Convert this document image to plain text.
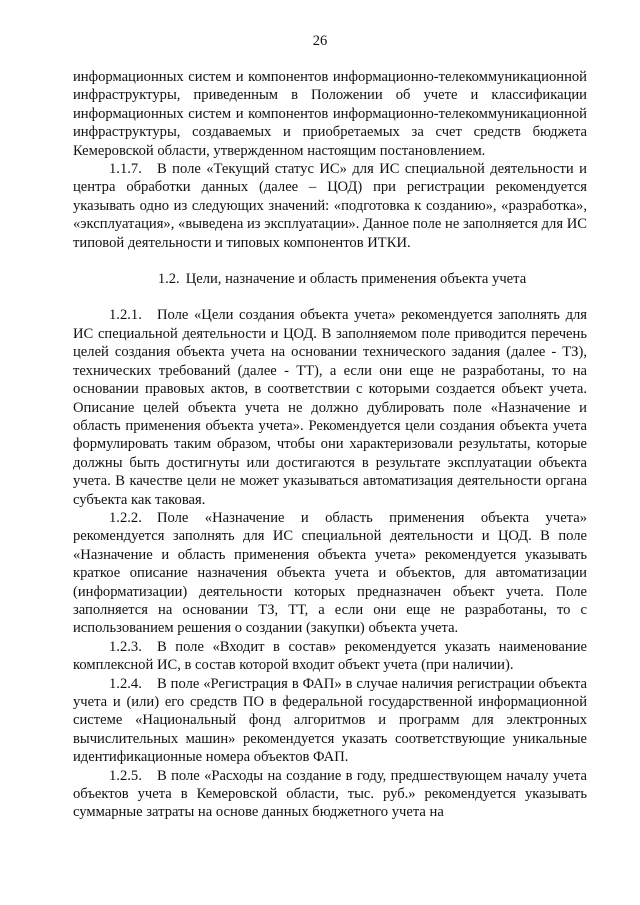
26

информационных систем и компонентов информационно-телекоммуникационной инфраструктуры, приведенным в Положении об учете и классификации информационных систем и компонентов информационно-телекоммуникационной инфраструктуры, создаваемых и приобретаемых за счет средств бюджета Кемеровской области, утвержденном настоящим постановлением.

1.1.7. В поле «Текущий статус ИС» для ИС специальной деятельности и центра обработки данных (далее – ЦОД) при регистрации рекомендуется указывать одно из следующих значений: «подготовка к созданию», «разработка», «эксплуатация», «выведена из эксплуатации». Данное поле не заполняется для ИС типовой деятельности и типовых компонентов ИТКИ.

1.2. Цели, назначение и область применения объекта учета

1.2.1. Поле «Цели создания объекта учета» рекомендуется заполнять для ИС специальной деятельности и ЦОД. В заполняемом поле приводится перечень целей создания объекта учета на основании технического задания (далее - ТЗ), технических требований (далее - ТТ), а если они еще не разработаны, то на основании правовых актов, в соответствии с которыми создается объект учета. Описание целей объекта учета не должно дублировать поле «Назначение и область применения объекта учета». Рекомендуется цели создания объекта учета формулировать таким образом, чтобы они характеризовали результаты, которые должны быть достигнуты или достигаются в результате эксплуатации объекта учета. В качестве цели не может указываться автоматизация деятельности органа субъекта как таковая.

1.2.2. Поле «Назначение и область применения объекта учета» рекомендуется заполнять для ИС специальной деятельности и ЦОД. В поле «Назначение и область применения объекта учета» рекомендуется указывать краткое описание назначения объекта учета и объектов, для автоматизации (информатизации) деятельности которых предназначен объект учета. Поле заполняется на основании ТЗ, ТТ, а если они еще не разработаны, то с использованием решения о создании (закупки) объекта учета.

1.2.3. В поле «Входит в состав» рекомендуется указать наименование комплексной ИС, в состав которой входит объект учета (при наличии).

1.2.4. В поле «Регистрация в ФАП» в случае наличия регистрации объекта учета и (или) его средств ПО в федеральной государственной информационной системе «Национальный фонд алгоритмов и программ для электронных вычислительных машин» рекомендуется указать соответствующие уникальные идентификационные номера объектов ФАП.

1.2.5. В поле «Расходы на создание в году, предшествующем началу учета объектов учета в Кемеровской области, тыс. руб.» рекомендуется указывать суммарные затраты на основе данных бюджетного учета на
